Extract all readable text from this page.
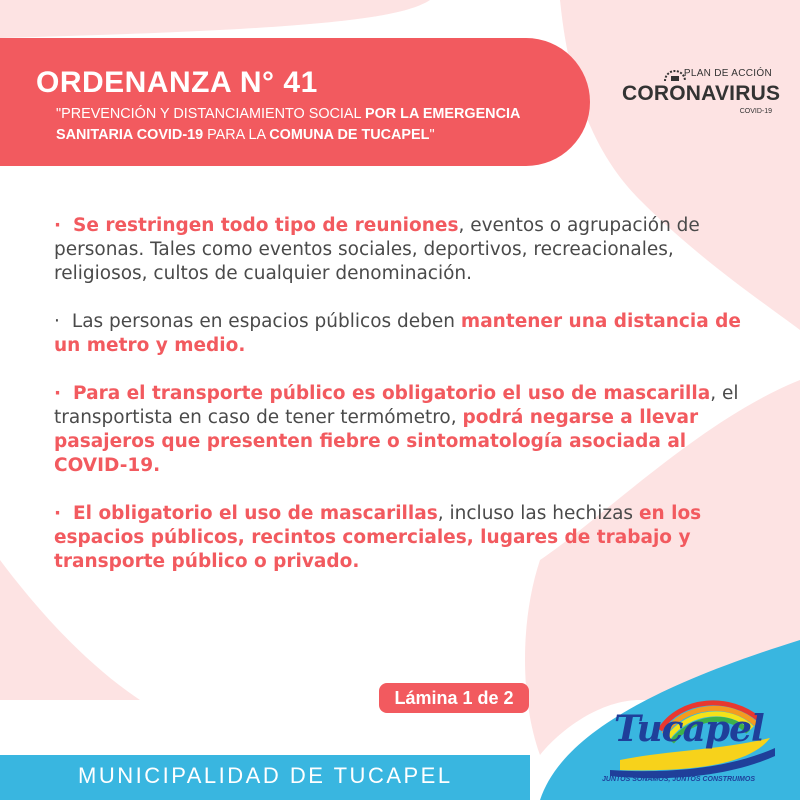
ORDENANZA N° 41
"PREVENCIÓN Y DISTANCIAMIENTO SOCIAL POR LA EMERGENCIA SANITARIA COVID-19 PARA LA COMUNA DE TUCAPEL"
PLAN DE ACCIÓN
CORONAVIRUS
COVID-19
· Se restringen todo tipo de reuniones, eventos o agrupación de personas. Tales como eventos sociales, deportivos, recreacionales, religiosos, cultos de cualquier denominación.
· Las personas en espacios públicos deben mantener una distancia de un metro y medio.
· Para el transporte público es obligatorio el uso de mascarilla, el transportista en caso de tener termómetro, podrá negarse a llevar pasajeros que presenten fiebre o sintomatología asociada al COVID-19.
· El obligatorio el uso de mascarillas, incluso las hechizas en los espacios públicos, recintos comerciales, lugares de trabajo y transporte público o privado.
Lámina 1 de 2
MUNICIPALIDAD DE TUCAPEL
Tucapel
JUNTOS SOÑAMOS, JUNTOS CONSTRUIMOS
